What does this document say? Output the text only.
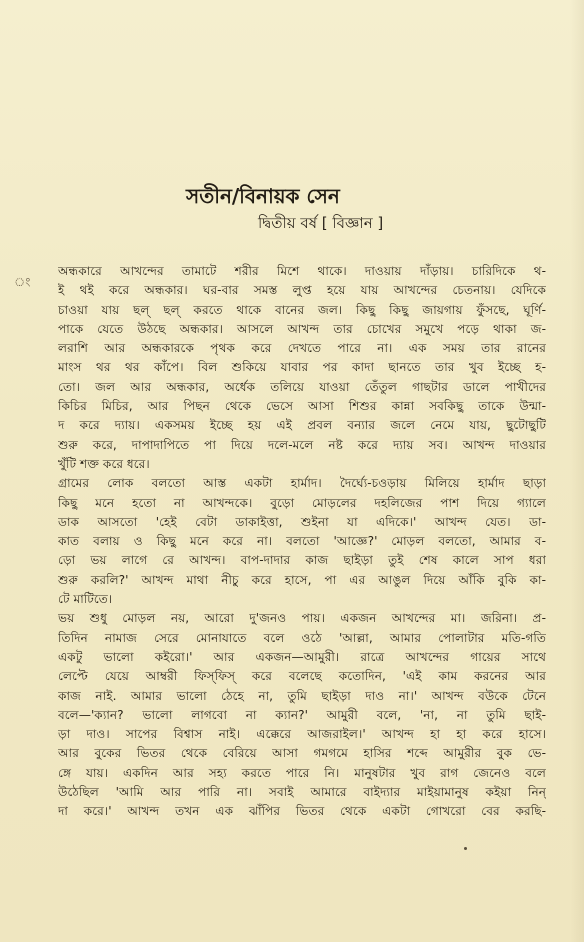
সতীন/বিনায়ক সেন
দ্বিতীয় বর্ষ [ বিজ্ঞান ]
ং
অন্ধকারে আখন্দের তামাটে শরীর মিশে থাকে। দাওয়ায় দাঁড়ায়। চারিদিকে থ-
ই থই করে অন্ধকার। ঘর-বার সমস্ত লুপ্ত হয়ে যায় আখন্দের চেতনায়। যেদিকে
চাওয়া যায় ছল্ ছল্ করতে থাকে বানের জল। কিছু কিছু জায়গায় ফুঁসছে, ঘূর্ণি-
পাকে যেতে উঠছে অন্ধকার। আসলে আখন্দ তার চোখের সমুখে পড়ে থাকা জ-
লরাশি আর অন্ধকারকে পৃথক করে দেখতে পারে না। এক সময় তার রানের
মাংস থর থর কাঁপে। বিল শুকিয়ে যাবার পর কাদা ছানতে তার খুব ইচ্ছে হ-
তো। জল আর অন্ধকার, অর্ধেক তলিয়ে যাওয়া তেঁতুল গাছটার ডালে পাখীদের
কিচির মিচির, আর পিছন থেকে ভেসে আসা শিশুর কান্না সবকিছু তাকে উন্মা-
দ করে দ্যায়। একসময় ইচ্ছে হয় এই প্রবল বন্যার জলে নেমে যায়, ছুটোছুটি
শুরু করে, দাপাদাপিতে পা দিয়ে দলে-মলে নষ্ট করে দ্যায় সব। আখন্দ দাওয়ার
খুঁটি শক্ত করে ধরে।
গ্রামের লোক বলতো আস্ত একটা হার্মাদ। দৈর্ঘ্যে-চওড়ায় মিলিয়ে হার্মাদ ছাড়া
কিছু মনে হতো না আখন্দকে। বুড়ো মোড়লের দহলিজের পাশ দিয়ে গ্যালে
ডাক আসতো 'হেই বেটা ডাকাইত্তা, শুইনা যা এদিকে।' আখন্দ যেত। ডা-
কাত বলায় ও কিছু মনে করে না। বলতো 'আজ্ঞে?' মোড়ল বলতো, আমার ব-
ড়ো ভয় লাগে রে আখন্দ। বাপ-দাদার কাজ ছাইড়া তুই শেষ কালে সাপ ধরা
শুরু করলি?' আখন্দ মাথা নীচু করে হাসে, পা এর আঙুল দিয়ে আঁকি বুকি কা-
টে মাটিতে।
ভয় শুধু মোড়ল নয়, আরো দু'জনও পায়। একজন আখন্দের মা। জরিনা। প্র-
তিদিন নামাজ সেরে মোনাযাতে বলে ওঠে 'আল্লা, আমার পোলাটার মতি-গতি
একটু ভালো কইরো।' আর একজন—আমুরী। রাত্রে আখন্দের গায়ের সাথে
লেপ্টে যেয়ে আম্বরী ফিস্‌ফিস্ করে বলেছে কতোদিন, 'এই কাম করনের আর
কাজ নাই. আমার ভালো ঠেহে না, তুমি ছাইড়া দাও না।' আখন্দ বউকে টেনে
বলে—'ক্যান? ভালো লাগবো না ক্যান?' আমুরী বলে, 'না, না তুমি ছাই-
ড়া দাও। সাপের বিশ্বাস নাই। এক্কেরে আজরাইল।' আখন্দ হা হা করে হাসে।
আর বুকের ভিতর থেকে বেরিয়ে আসা গমগমে হাসির শব্দে আমুরীর বুক ভে-
ঙ্গে যায়। একদিন আর সহ্য করতে পারে নি। মানুষটার খুব রাগ জেনেও বলে
উঠেছিল 'আমি আর পারি না। সবাই আমারে বাইদ্যার মাইয়ামানুষ কইয়া নিন্
দা করে।' আখন্দ তখন এক ঝাঁপির ভিতর থেকে একটা গোখরো বের করছি-
